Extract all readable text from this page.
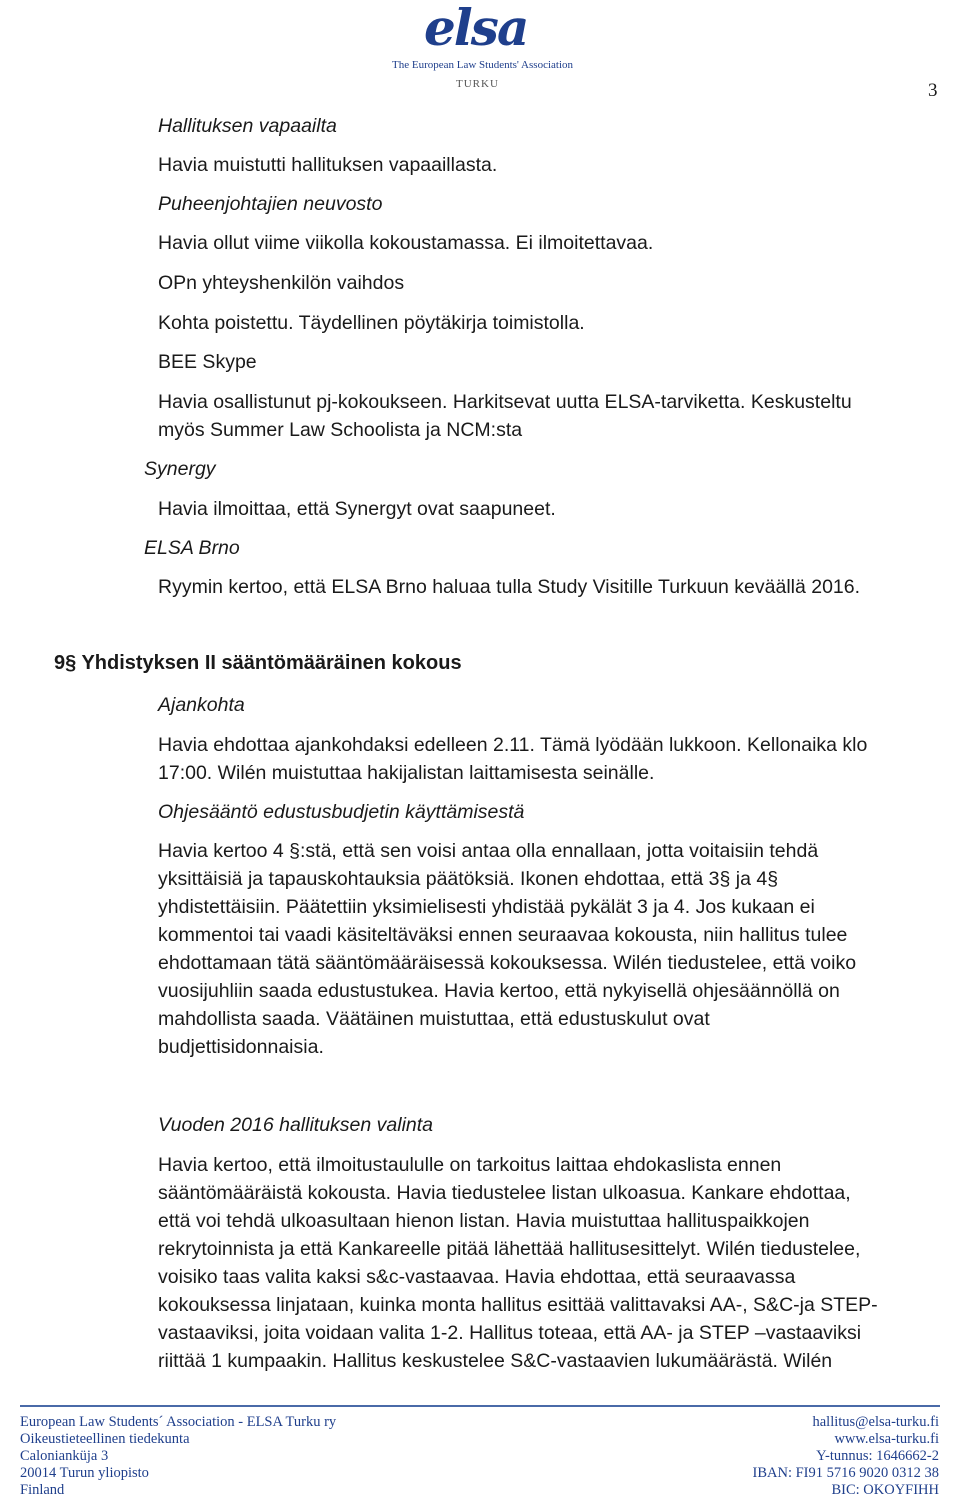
elsa
The European Law Students' Association
TURKU	3
Hallituksen vapaailta
Havia muistutti hallituksen vapaaillasta.
Puheenjohtajien neuvosto
Havia ollut viime viikolla kokoustamassa. Ei ilmoitettavaa.
OPn yhteyshenkilön vaihdos
Kohta poistettu. Täydellinen pöytäkirja toimistolla.
BEE Skype
Havia osallistunut pj-kokoukseen. Harkitsevat uutta ELSA-tarviketta. Keskusteltu
myös Summer Law Schoolista ja NCM:sta
Synergy
Havia ilmoittaa, että Synergyt ovat saapuneet.
ELSA Brno
Ryymin kertoo, että ELSA Brno haluaa tulla Study Visitille Turkuun keväällä 2016.
9§ Yhdistyksen II sääntömääräinen kokous
Ajankohta
Havia ehdottaa ajankohdaksi edelleen 2.11. Tämä lyödään lukkoon. Kellonaika klo
17:00. Wilén muistuttaa hakijalistan laittamisesta seinälle.
Ohjesääntö edustusbudjetin käyttämisestä
Havia kertoo 4 §:stä, että sen voisi antaa olla ennallaan, jotta voitaisiin tehdä
yksittäisiä ja tapauskohtauksia päätöksiä. Ikonen ehdottaa, että 3§ ja 4§
yhdistettäisiin. Päätettiin yksimielisesti yhdistää pykälät 3 ja 4. Jos kukaan ei
kommentoi tai vaadi käsiteltäväksi ennen seuraavaa kokousta, niin hallitus tulee
ehdottamaan tätä sääntömääräisessä kokouksessa. Wilén tiedustelee, että voiko
vuosijuhliin saada edustustukea. Havia kertoo, että nykyisellä ohjesäännöllä on
mahdollista saada. Väätäinen muistuttaa, että edustuskulut ovat
budjettisidonnaisia.
Vuoden 2016 hallituksen valinta
Havia kertoo, että ilmoitustaululle on tarkoitus laittaa ehdokaslista ennen
sääntömääräistä kokousta. Havia tiedustelee listan ulkoasua. Kankare ehdottaa,
että voi tehdä ulkoasultaan hienon listan. Havia muistuttaa hallituspaikkojen
rekrytoinnista ja että Kankareelle pitää lähettää hallitusesittelyt. Wilén tiedustelee,
voisiko taas valita kaksi s&c-vastaavaa. Havia ehdottaa, että seuraavassa
kokouksessa linjataan, kuinka monta hallitus esittää valittavaksi AA-, S&C-ja STEP-
vastaaviksi, joita voidaan valita 1-2. Hallitus toteaa, että AA- ja STEP –vastaaviksi
riittää 1 kumpaakin. Hallitus keskustelee S&C-vastaavien lukumäärästä. Wilén
European Law Students´ Association - ELSA Turku ry
Oikeustieteellinen tiedekunta
Calonianküja 3
20014 Turun yliopisto
Finland
hallitus@elsa-turku.fi
www.elsa-turku.fi
Y-tunnus: 1646662-2
IBAN: FI91 5716 9020 0312 38
BIC: OKOYFIHH
